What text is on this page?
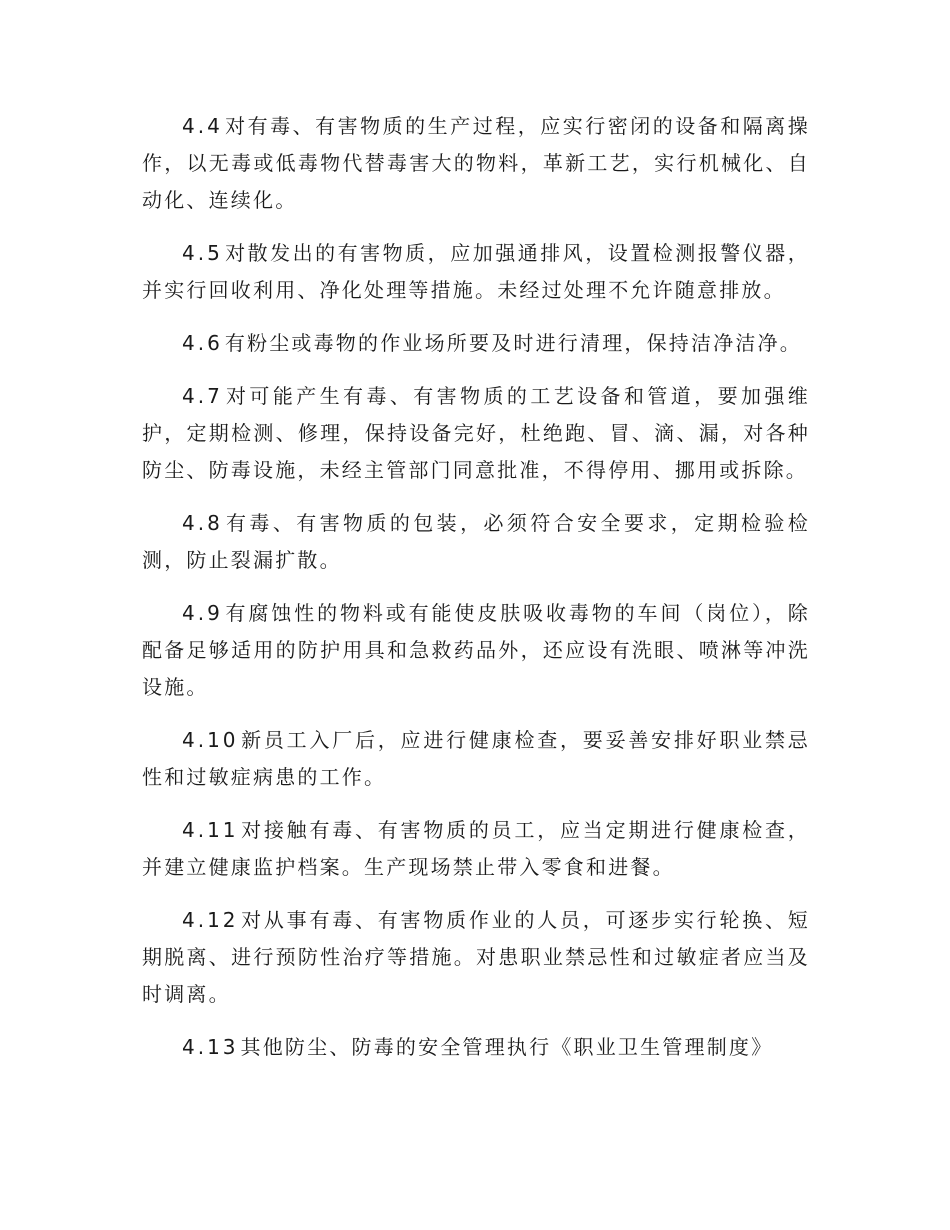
4.4 对有毒、有害物质的生产过程，应实行密闭的设备和隔离操作，以无毒或低毒物代替毒害大的物料，革新工艺，实行机械化、自动化、连续化。

4.5 对散发出的有害物质，应加强通排风，设置检测报警仪器，并实行回收利用、净化处理等措施。未经过处理不允许随意排放。

4.6 有粉尘或毒物的作业场所要及时进行清理，保持洁净洁净。

4.7 对可能产生有毒、有害物质的工艺设备和管道，要加强维护，定期检测、修理，保持设备完好，杜绝跑、冒、滴、漏，对各种防尘、防毒设施，未经主管部门同意批准，不得停用、挪用或拆除。

4.8 有毒、有害物质的包装，必须符合安全要求，定期检验检测，防止裂漏扩散。

4.9 有腐蚀性的物料或有能使皮肤吸收毒物的车间（岗位），除配备足够适用的防护用具和急救药品外，还应设有洗眼、喷淋等冲洗设施。

4.10 新员工入厂后，应进行健康检查，要妥善安排好职业禁忌性和过敏症病患的工作。

4.11 对接触有毒、有害物质的员工，应当定期进行健康检查，并建立健康监护档案。生产现场禁止带入零食和进餐。

4.12 对从事有毒、有害物质作业的人员，可逐步实行轮换、短期脱离、进行预防性治疗等措施。对患职业禁忌性和过敏症者应当及时调离。

4.13 其他防尘、防毒的安全管理执行《职业卫生管理制度》
